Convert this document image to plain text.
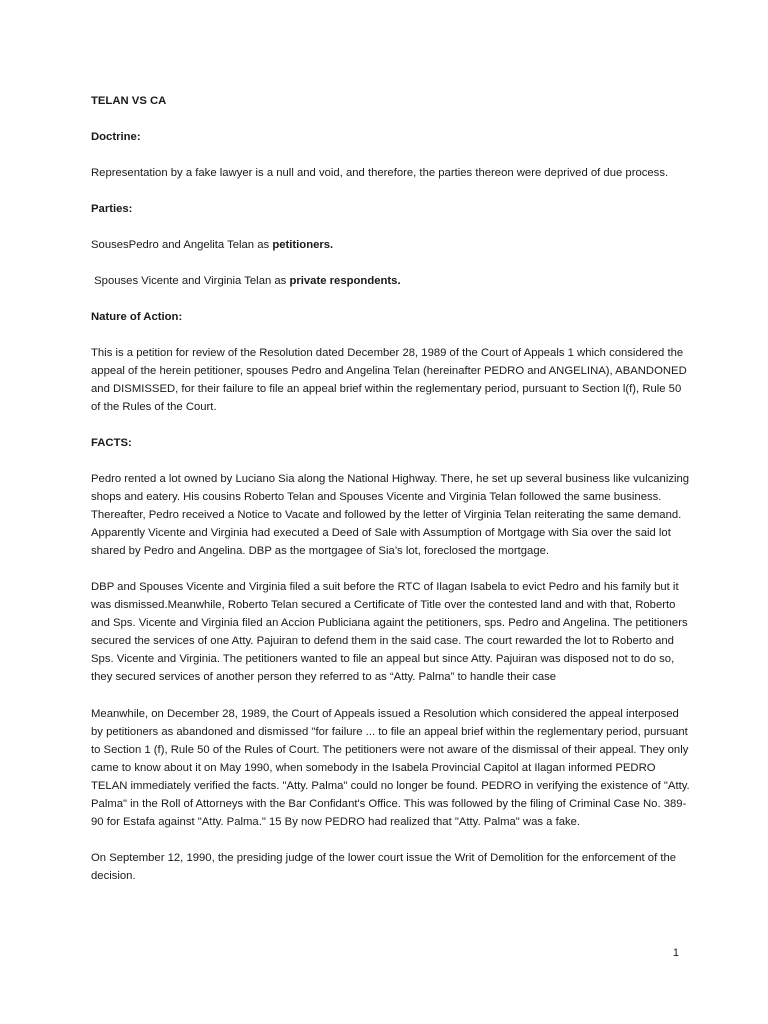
TELAN VS CA

Doctrine:

Representation by a fake lawyer is a null and void, and therefore, the parties thereon were deprived of due process.

Parties:

SousesPedro and Angelita Telan as petitioners.

Spouses Vicente and Virginia Telan as private respondents.

Nature of Action:

This is a petition for review of the Resolution dated December 28, 1989 of the Court of Appeals 1 which considered the appeal of the herein petitioner, spouses Pedro and Angelina Telan (hereinafter PEDRO and ANGELINA), ABANDONED and DISMISSED, for their failure to file an appeal brief within the reglementary period, pursuant to Section l(f), Rule 50 of the Rules of the Court.

FACTS:

Pedro rented a lot owned by Luciano Sia along the National Highway. There, he set up several business like vulcanizing shops and eatery. His cousins Roberto Telan and Spouses Vicente and Virginia Telan followed the same business. Thereafter, Pedro received a Notice to Vacate and followed by the letter of Virginia Telan reiterating the same demand. Apparently Vicente and Virginia had executed a Deed of Sale with Assumption of Mortgage with Sia over the said lot shared by Pedro and Angelina. DBP as the mortgagee of Sia’s lot, foreclosed the mortgage.

DBP and Spouses Vicente and Virginia filed a suit before the RTC of Ilagan Isabela to evict Pedro and his family but it was dismissed.Meanwhile, Roberto Telan secured a Certificate of Title over the contested land and with that, Roberto and Sps. Vicente and Virginia filed an Accion Publiciana againt the petitioners, sps. Pedro and Angelina. The petitioners secured the services of one Atty. Pajuiran to defend them in the said case. The court rewarded the lot to Roberto and Sps. Vicente and Virginia. The petitioners wanted to file an appeal but since Atty. Pajuiran was disposed not to do so, they secured services of another person they referred to as “Atty. Palma” to handle their case

Meanwhile, on December 28, 1989, the Court of Appeals issued a Resolution which considered the appeal interposed by petitioners as abandoned and dismissed "for failure ... to file an appeal brief within the reglementary period, pursuant to Section 1 (f), Rule 50 of the Rules of Court. The petitioners were not aware of the dismissal of their appeal. They only came to know about it on May 1990, when somebody in the Isabela Provincial Capitol at Ilagan informed PEDRO TELAN immediately verified the facts. "Atty. Palma" could no longer be found. PEDRO in verifying the existence of "Atty. Palma" in the Roll of Attorneys with the Bar Confidant's Office. This was followed by the filing of Criminal Case No. 389-90 for Estafa against "Atty. Palma." 15 By now PEDRO had realized that "Atty. Palma" was a fake.

On September 12, 1990, the presiding judge of the lower court issue the Writ of Demolition for the enforcement of the decision.

1
